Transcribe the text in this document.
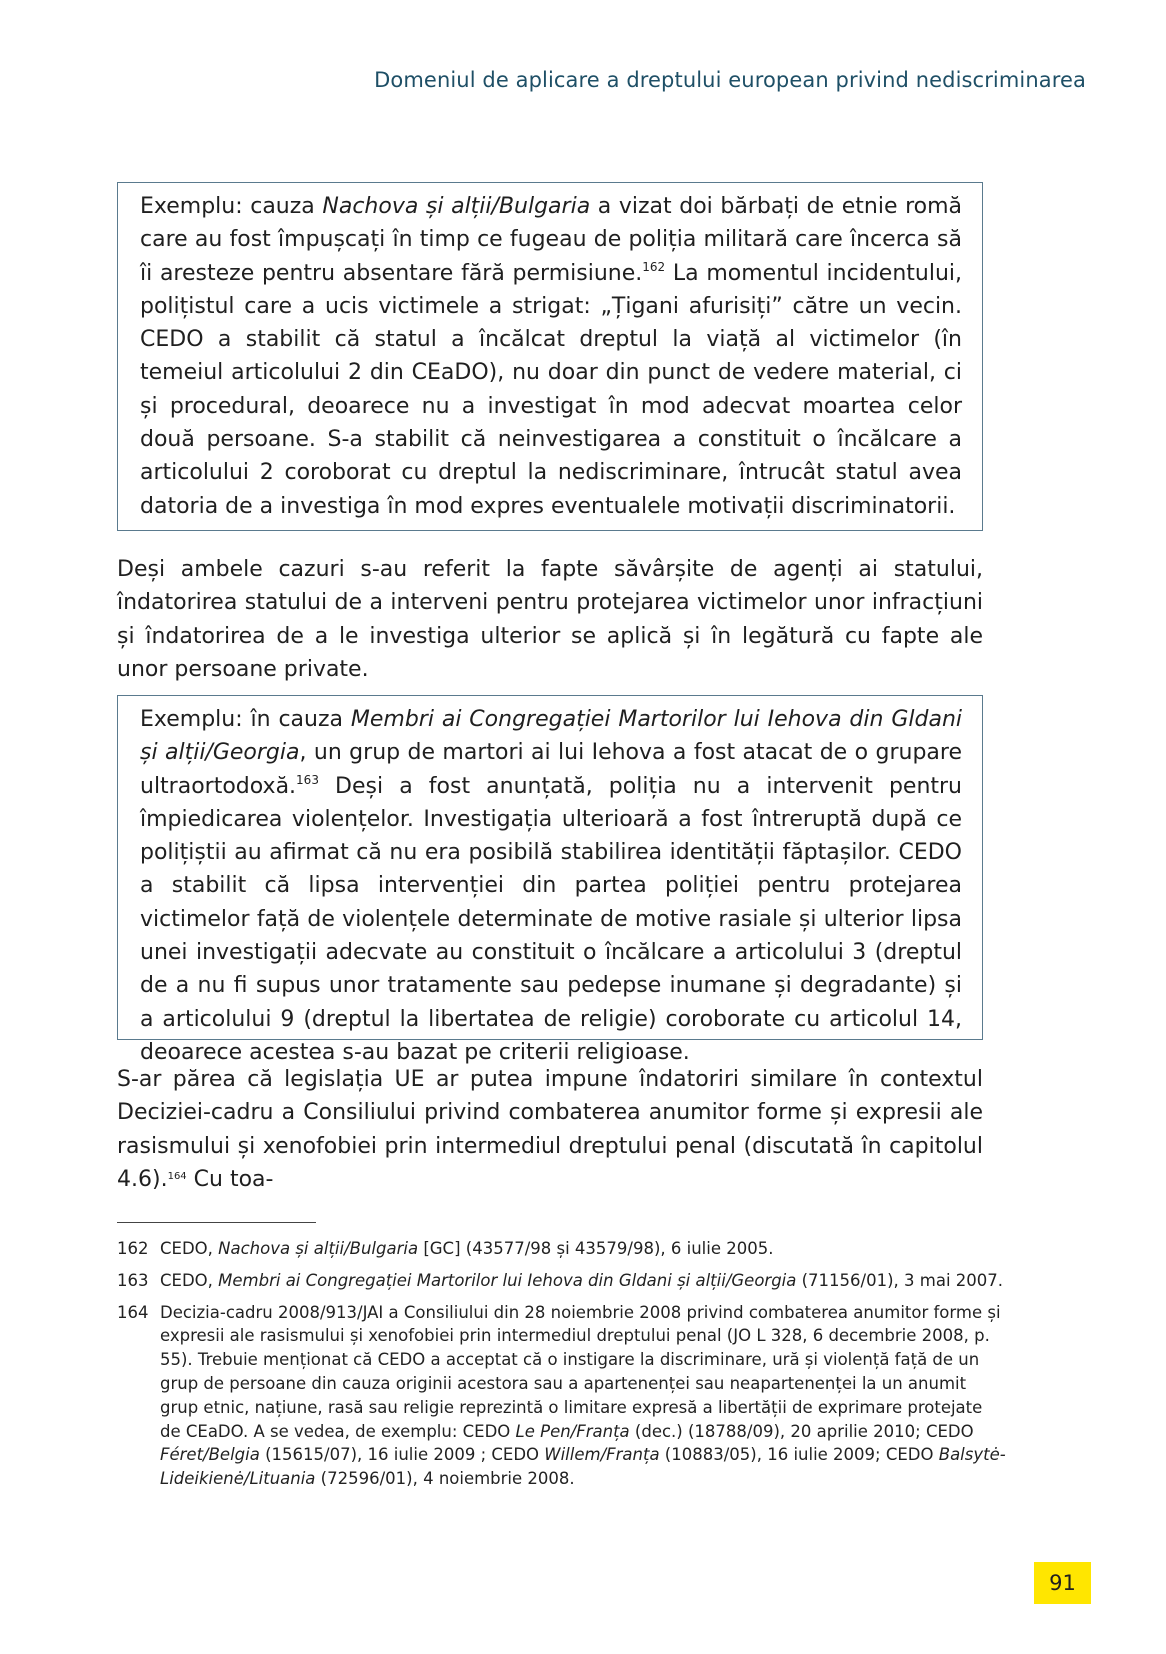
Domeniul de aplicare a dreptului european privind nediscriminarea
Exemplu: cauza Nachova și alții/Bulgaria a vizat doi bărbați de etnie romă care au fost împușcați în timp ce fugeau de poliția militară care încerca să îi aresteze pentru absentare fără permisiune.$^{162}$ La momentul incidentului, polițistul care a ucis victimele a strigat: „Țigani afurisiți” către un vecin. CEDO a stabilit că statul a încălcat dreptul la viață al victimelor (în temeiul articolului 2 din CEaDO), nu doar din punct de vedere material, ci și procedural, deoarece nu a investigat în mod adecvat moartea celor două persoane. S-a stabilit că neinvestigarea a constituit o încălcare a articolului 2 coroborat cu dreptul la nediscriminare, întrucât statul avea datoria de a investiga în mod expres eventualele motivații discriminatorii.
Deși ambele cazuri s-au referit la fapte săvârșite de agenți ai statului, îndatorirea statului de a interveni pentru protejarea victimelor unor infracțiuni și îndatorirea de a le investiga ulterior se aplică și în legătură cu fapte ale unor persoane private.
Exemplu: în cauza Membri ai Congregației Martorilor lui Iehova din Gldani și alții/Georgia, un grup de martori ai lui Iehova a fost atacat de o grupare ultraortodoxă.$^{163}$ Deși a fost anunțată, poliția nu a intervenit pentru împiedicarea violențelor. Investigația ulterioară a fost întreruptă după ce polițiștii au afirmat că nu era posibilă stabilirea identității făptașilor. CEDO a stabilit că lipsa intervenției din partea poliției pentru protejarea victimelor față de violențele determinate de motive rasiale și ulterior lipsa unei investigații adecvate au constituit o încălcare a articolului 3 (dreptul de a nu fi supus unor tratamente sau pedepse inumane și degradante) și a articolului 9 (dreptul la libertatea de religie) coroborate cu articolul 14, deoarece acestea s-au bazat pe criterii religioase.
S-ar părea că legislația UE ar putea impune îndatoriri similare în contextul Deciziei-cadru a Consiliului privind combaterea anumitor forme și expresii ale rasismului și xenofobiei prin intermediul dreptului penal (discutată în capitolul 4.6).$^{164}$ Cu toa-
162 CEDO, Nachova și alții/Bulgaria [GC] (43577/98 și 43579/98), 6 iulie 2005.
163 CEDO, Membri ai Congregației Martorilor lui Iehova din Gldani și alții/Georgia (71156/01), 3 mai 2007.
164 Decizia-cadru 2008/913/JAI a Consiliului din 28 noiembrie 2008 privind combaterea anumitor forme și expresii ale rasismului și xenofobiei prin intermediul dreptului penal (JO L 328, 6 decembrie 2008, p. 55). Trebuie menționat că CEDO a acceptat că o instigare la discriminare, ură și violență față de un grup de persoane din cauza originii acestora sau a apartenenței sau neapartenenței la un anumit grup etnic, națiune, rasă sau religie reprezintă o limitare expresă a libertății de exprimare protejate de CEaDO. A se vedea, de exemplu: CEDO Le Pen/Franța (dec.) (18788/09), 20 aprilie 2010; CEDO Féret/Belgia (15615/07), 16 iulie 2009 ; CEDO Willem/Franța (10883/05), 16 iulie 2009; CEDO Balsytė-Lideikienė/Lituania (72596/01), 4 noiembrie 2008.
91
